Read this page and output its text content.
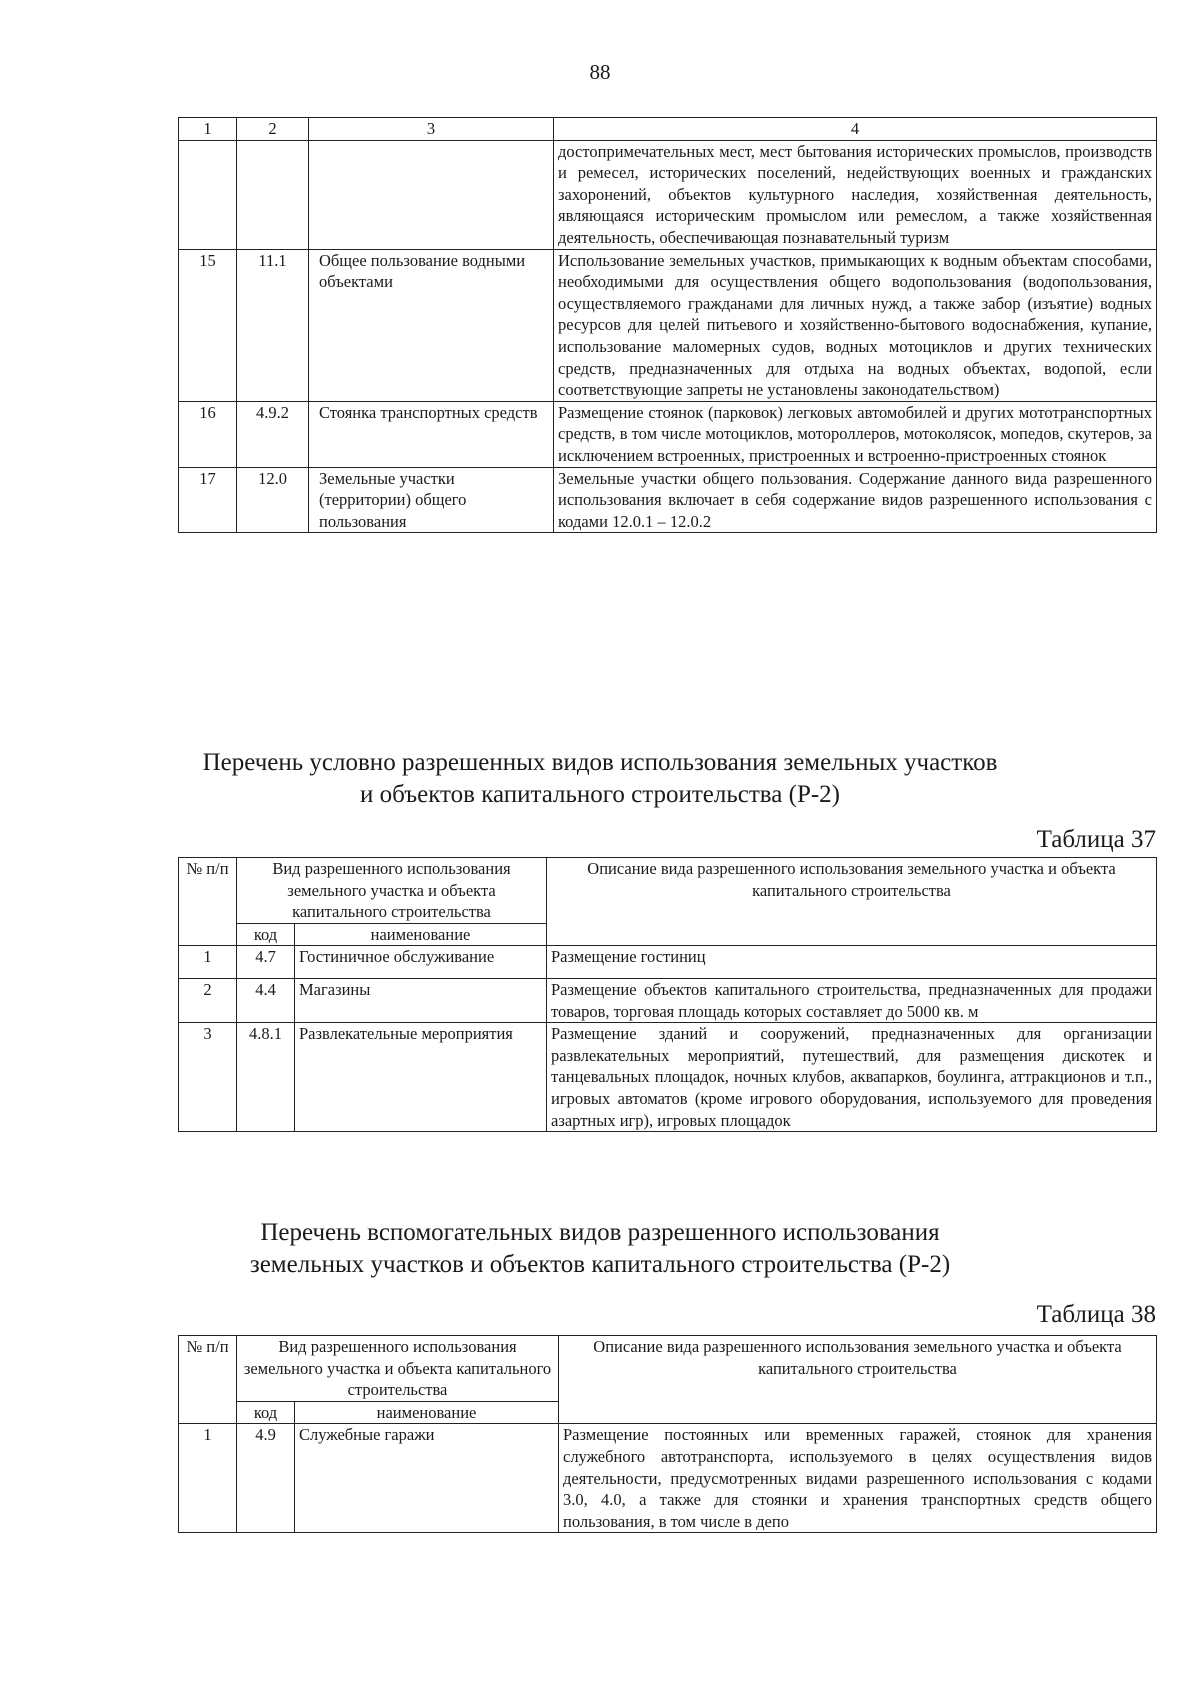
88
1	2	3	4
			достопримечательных мест, мест бытования исторических промыслов, производств и ремесел, исторических поселений, недействующих военных и гражданских захоронений, объектов культурного наследия, хозяйственная деятельность, являющаяся историческим промыслом или ремеслом, а также хозяйственная деятельность, обеспечивающая познавательный туризм
15	11.1	Общее пользование водными объектами	Использование земельных участков, примыкающих к водным объектам способами, необходимыми для осуществления общего водопользования (водопользования, осуществляемого гражданами для личных нужд, а также забор (изъятие) водных ресурсов для целей питьевого и хозяйственно-бытового водоснабжения, купание, использование маломерных судов, водных мотоциклов и других технических средств, предназначенных для отдыха на водных объектах, водопой, если соответствующие запреты не установлены законодательством)
16	4.9.2	Стоянка транспортных средств	Размещение стоянок (парковок) легковых автомобилей и других мототранспортных средств, в том числе мотоциклов, мотороллеров, мотоколясок, мопедов, скутеров, за исключением встроенных, пристроенных и встроенно-пристроенных стоянок
17	12.0	Земельные участки (территории) общего пользования	Земельные участки общего пользования. Содержание данного вида разрешенного использования включает в себя содержание видов разрешенного использования с кодами 12.0.1 – 12.0.2
Перечень условно разрешенных видов использования земельных участков
и объектов капитального строительства (Р-2)
Таблица 37
№ п/п	Вид разрешенного использования земельного участка и объекта капитального строительства		Описание вида разрешенного использования земельного участка и объекта капитального строительства
	код	наименование	
1	4.7	Гостиничное обслуживание	Размещение гостиниц
2	4.4	Магазины	Размещение объектов капитального строительства, предназначенных для продажи товаров, торговая площадь которых составляет до 5000 кв. м
3	4.8.1	Развлекательные мероприятия	Размещение зданий и сооружений, предназначенных для организации развлекательных мероприятий, путешествий, для размещения дискотек и танцевальных площадок, ночных клубов, аквапарков, боулинга, аттракционов и т.п., игровых автоматов (кроме игрового оборудования, используемого для проведения азартных игр), игровых площадок
Перечень вспомогательных видов разрешенного использования
земельных участков и объектов капитального строительства (Р-2)
Таблица 38
№ п/п	Вид разрешенного использования земельного участка и объекта капитального строительства		Описание вида разрешенного использования земельного участка и объекта капитального строительства
	код	наименование	
1	4.9	Служебные гаражи	Размещение постоянных или временных гаражей, стоянок для хранения служебного автотранспорта, используемого в целях осуществления видов деятельности, предусмотренных видами разрешенного использования с кодами 3.0, 4.0, а также для стоянки и хранения транспортных средств общего пользования, в том числе в депо
